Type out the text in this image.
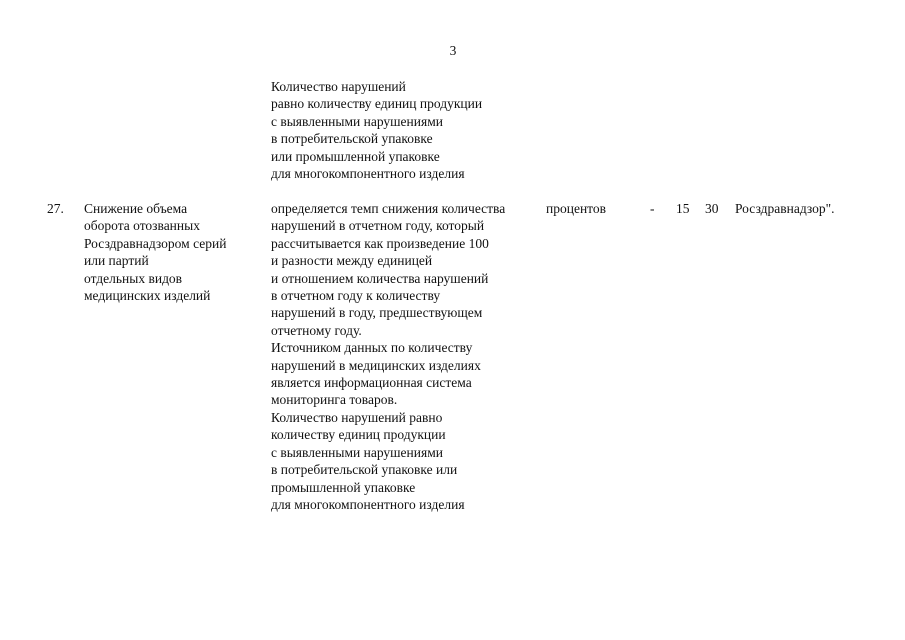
3
Количество нарушений
равно количеству единиц продукции
с выявленными нарушениями
в потребительской упаковке
или промышленной упаковке
для многокомпонентного изделия
27. Снижение объема
оборота отозванных
Росздравнадзором серий
или партий
отдельных видов
медицинских изделий
определяется темп снижения количества
нарушений в отчетном году, который
рассчитывается как произведение 100
и разности между единицей
и отношением количества нарушений
в отчетном году к количеству
нарушений в году, предшествующем
отчетному году.
Источником данных по количеству
нарушений в медицинских изделиях
является информационная система
мониторинга товаров.
Количество нарушений равно
количеству единиц продукции
с выявленными нарушениями
в потребительской упаковке или
промышленной упаковке
для многокомпонентного изделия
процентов	- 15 30 Росздравнадзор".
